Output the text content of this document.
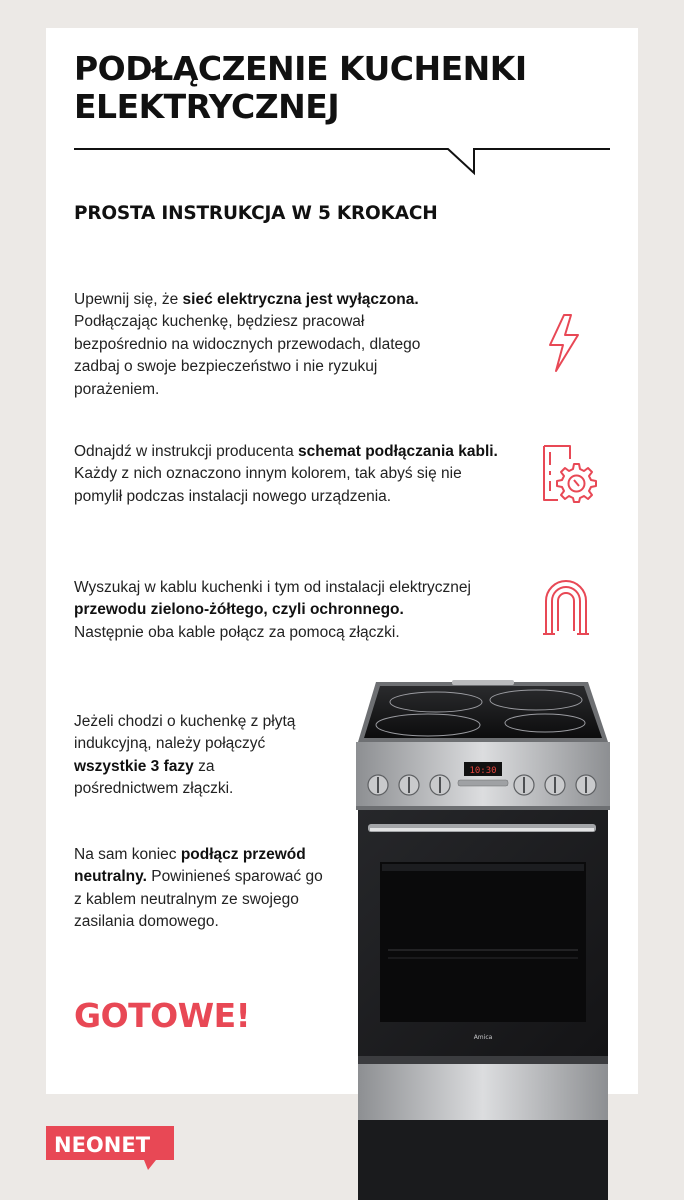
PODŁĄCZENIE KUCHENKI ELEKTRYCZNEJ
PROSTA INSTRUKCJA W 5 KROKACH
Upewnij się, że sieć elektryczna jest wyłączona. Podłączając kuchenkę, będziesz pracował bezpośrednio na widocznych przewodach, dlatego zadbaj o swoje bezpieczeństwo i nie ryzukuj porażeniem.
Odnajdź w instrukcji producenta schemat podłączania kabli. Każdy z nich oznaczono innym kolorem, tak abyś się nie pomylił podczas instalacji nowego urządzenia.
Wyszukaj w kablu kuchenki i tym od instalacji elektrycznej przewodu zielono-żółtego, czyli ochronnego. Następnie oba kable połącz za pomocą złączki.
Jeżeli chodzi o kuchenkę z płytą indukcyjną, należy połączyć wszystkie 3 fazy za pośrednictwem złączki.
Na sam koniec podłącz przewód neutralny. Powinieneś sparować go z kablem neutralnym ze swojego zasilania domowego.
GOTOWE!
NEONET
10:30
Amica
